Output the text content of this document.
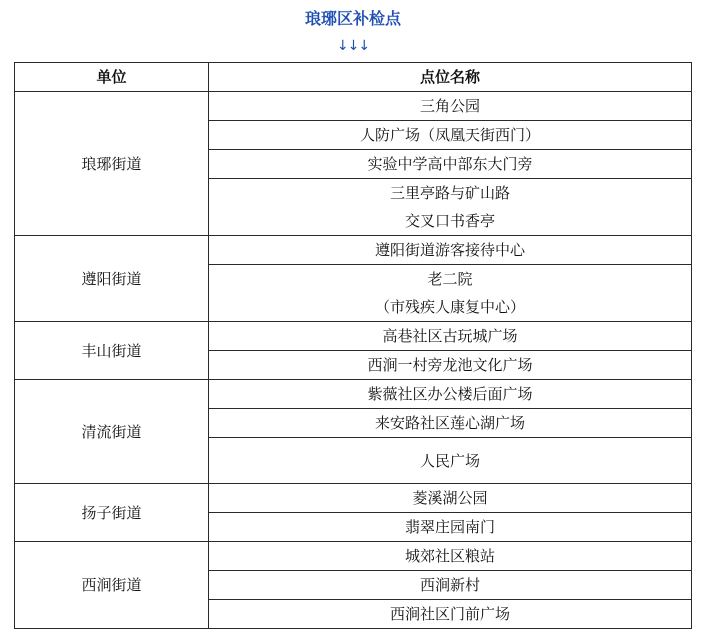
琅琊区补检点
↓↓↓
单位	点位名称
琅琊街道	三角公园

	人防广场（凤凰天街西门）

	实验中学高中部东大门旁

	三里亭路与矿山路
交叉口书香亭

遵阳街道	遵阳街道游客接待中心

	老二院
（市残疾人康复中心）

丰山街道	高巷社区古玩城广场

	西涧一村旁龙池文化广场

清流街道	紫薇社区办公楼后面广场

	来安路社区莲心湖广场

	人民广场

扬子街道	菱溪湖公园

	翡翠庄园南门

西涧街道	城郊社区粮站

	西涧新村

	西涧社区门前广场
